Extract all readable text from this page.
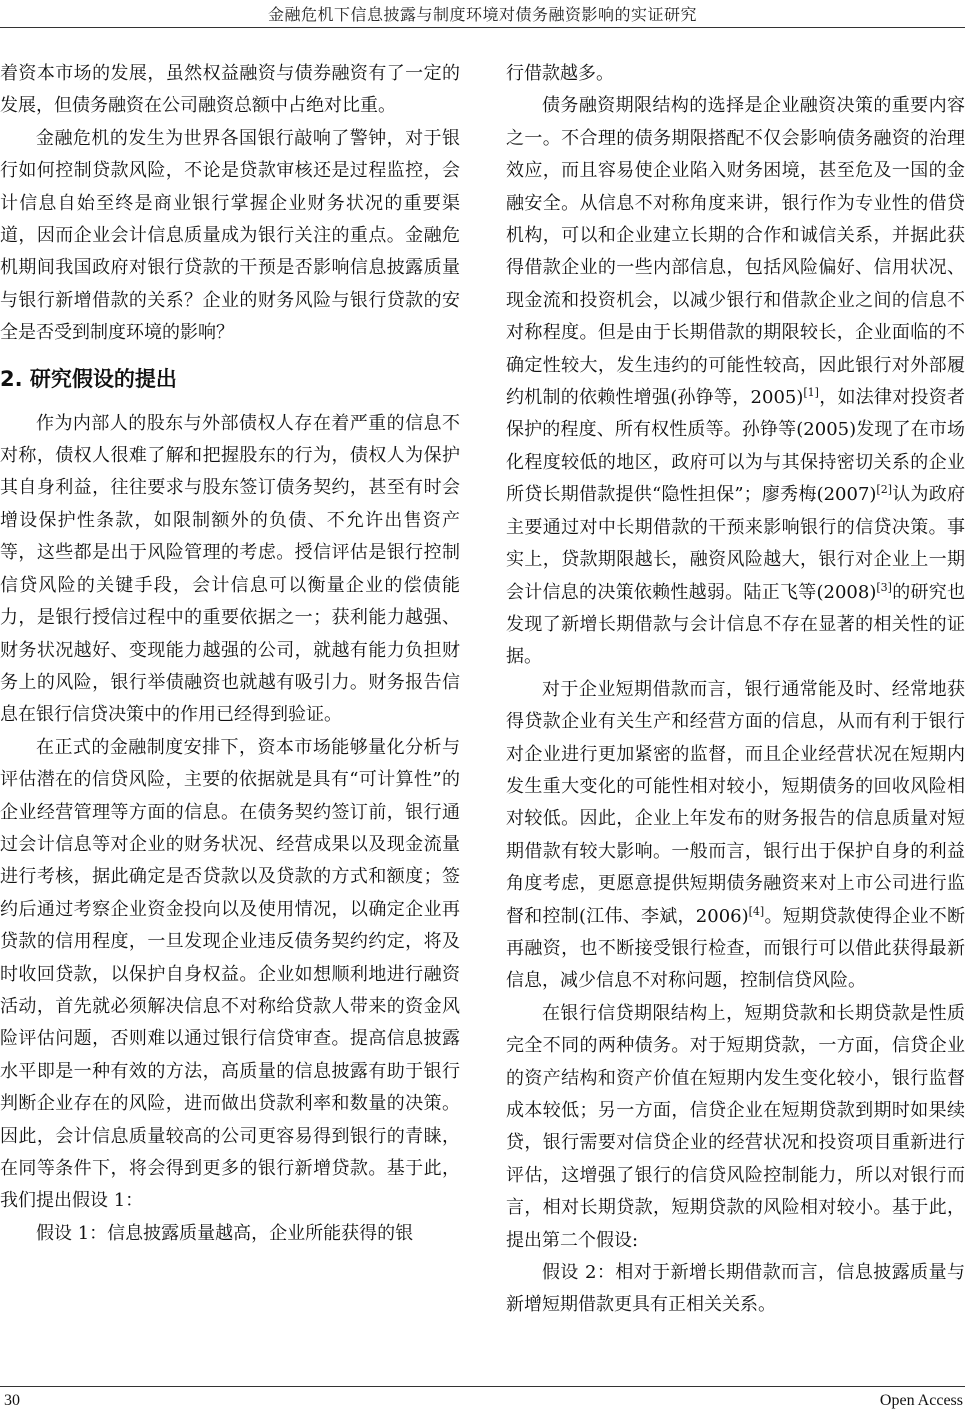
金融危机下信息披露与制度环境对债务融资影响的实证研究

着资本市场的发展，虽然权益融资与债券融资有了一定的发展，但债务融资在公司融资总额中占绝对比重。

金融危机的发生为世界各国银行敲响了警钟，对于银行如何控制贷款风险，不论是贷款审核还是过程监控，会计信息自始至终是商业银行掌握企业财务状况的重要渠道，因而企业会计信息质量成为银行关注的重点。金融危机期间我国政府对银行贷款的干预是否影响信息披露质量与银行新增借款的关系？企业的财务风险与银行贷款的安全是否受到制度环境的影响？

2. 研究假设的提出

作为内部人的股东与外部债权人存在着严重的信息不对称，债权人很难了解和把握股东的行为，债权人为保护其自身利益，往往要求与股东签订债务契约，甚至有时会增设保护性条款，如限制额外的负债、不允许出售资产等，这些都是出于风险管理的考虑。授信评估是银行控制信贷风险的关键手段，会计信息可以衡量企业的偿债能力，是银行授信过程中的重要依据之一；获利能力越强、财务状况越好、变现能力越强的公司，就越有能力负担财务上的风险，银行举债融资也就越有吸引力。财务报告信息在银行信贷决策中的作用已经得到验证。

在正式的金融制度安排下，资本市场能够量化分析与评估潜在的信贷风险，主要的依据就是具有“可计算性”的企业经营管理等方面的信息。在债务契约签订前，银行通过会计信息等对企业的财务状况、经营成果以及现金流量进行考核，据此确定是否贷款以及贷款的方式和额度；签约后通过考察企业资金投向以及使用情况，以确定企业再贷款的信用程度，一旦发现企业违反债务契约约定，将及时收回贷款，以保护自身权益。企业如想顺利地进行融资活动，首先就必须解决信息不对称给贷款人带来的资金风险评估问题，否则难以通过银行信贷审查。提高信息披露水平即是一种有效的方法，高质量的信息披露有助于银行判断企业存在的风险，进而做出贷款利率和数量的决策。因此，会计信息质量较高的公司更容易得到银行的青睐，在同等条件下，将会得到更多的银行新增贷款。基于此，我们提出假设 1：

假设 1：信息披露质量越高，企业所能获得的银

行借款越多。

债务融资期限结构的选择是企业融资决策的重要内容之一。不合理的债务期限搭配不仅会影响债务融资的治理效应，而且容易使企业陷入财务困境，甚至危及一国的金融安全。从信息不对称角度来讲，银行作为专业性的借贷机构，可以和企业建立长期的合作和诚信关系，并据此获得借款企业的一些内部信息，包括风险偏好、信用状况、现金流和投资机会，以减少银行和借款企业之间的信息不对称程度。但是由于长期借款的期限较长，企业面临的不确定性较大，发生违约的可能性较高，因此银行对外部履约机制的依赖性增强(孙铮等，2005)[1]，如法律对投资者保护的程度、所有权性质等。孙铮等(2005)发现了在市场化程度较低的地区，政府可以为与其保持密切关系的企业所贷长期借款提供“隐性担保”；廖秀梅(2007)[2]认为政府主要通过对中长期借款的干预来影响银行的信贷决策。事实上，贷款期限越长，融资风险越大，银行对企业上一期会计信息的决策依赖性越弱。陆正飞等(2008)[3]的研究也发现了新增长期借款与会计信息不存在显著的相关性的证据。

对于企业短期借款而言，银行通常能及时、经常地获得贷款企业有关生产和经营方面的信息，从而有利于银行对企业进行更加紧密的监督，而且企业经营状况在短期内发生重大变化的可能性相对较小，短期债务的回收风险相对较低。因此，企业上年发布的财务报告的信息质量对短期借款有较大影响。一般而言，银行出于保护自身的利益角度考虑，更愿意提供短期债务融资来对上市公司进行监督和控制(江伟、李斌，2006)[4]。短期贷款使得企业不断再融资，也不断接受银行检查，而银行可以借此获得最新信息，减少信息不对称问题，控制信贷风险。

在银行信贷期限结构上，短期贷款和长期贷款是性质完全不同的两种债务。对于短期贷款，一方面，信贷企业的资产结构和资产价值在短期内发生变化较小，银行监督成本较低；另一方面，信贷企业在短期贷款到期时如果续贷，银行需要对信贷企业的经营状况和投资项目重新进行评估，这增强了银行的信贷风险控制能力，所以对银行而言，相对长期贷款，短期贷款的风险相对较小。基于此，提出第二个假设:

假设 2：相对于新增长期借款而言，信息披露质量与新增短期借款更具有正相关关系。

30	Open Access
